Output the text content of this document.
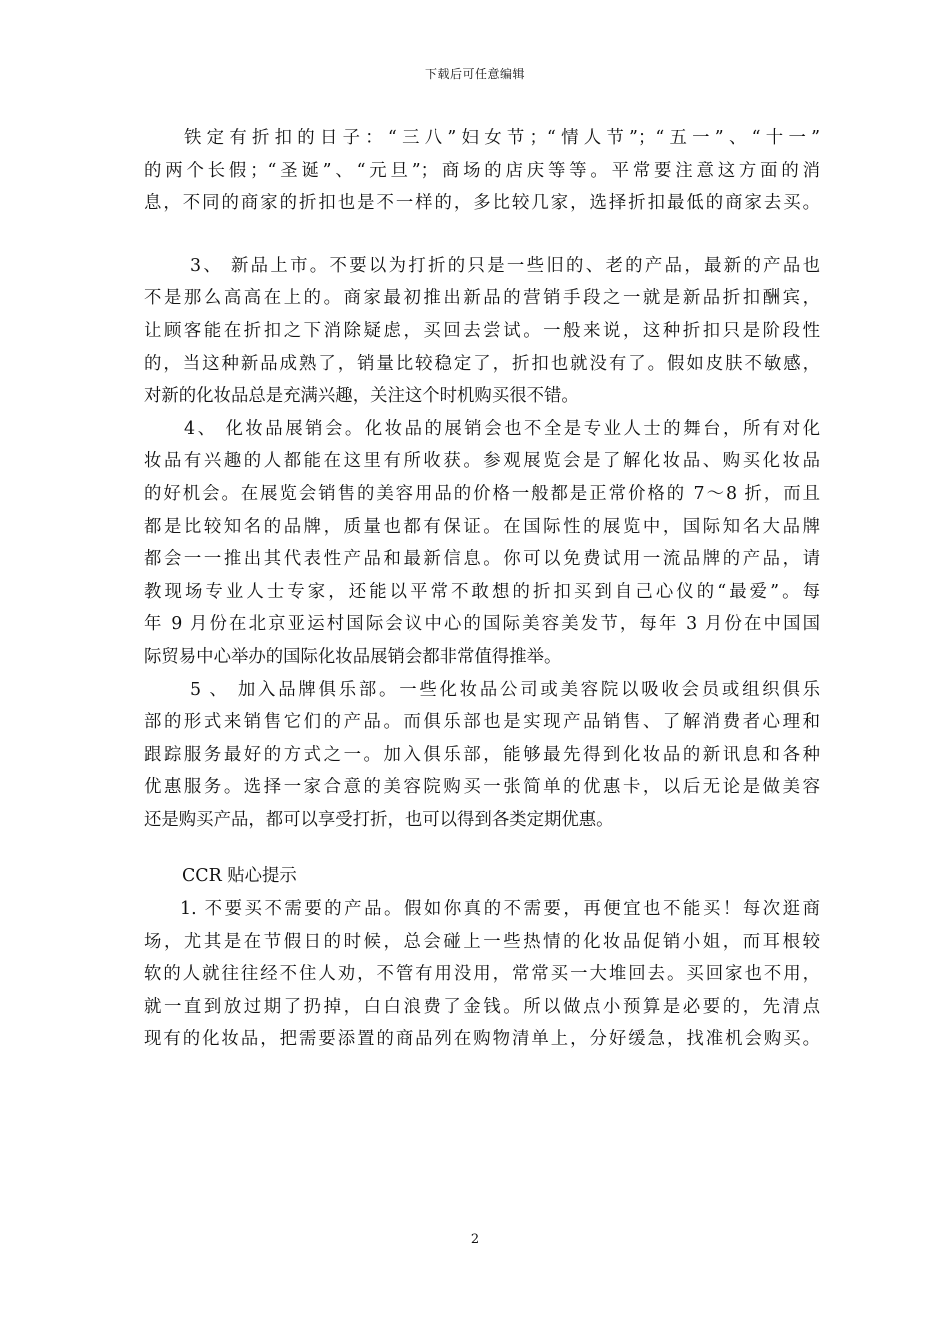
下载后可任意编辑
铁定有折扣的日子：“三八”妇女节；“情人节”；“五一”、“十一”
的两个长假；“圣诞”、“元旦”；商场的店庆等等。平常要注意这方面的消
息，不同的商家的折扣也是不一样的，多比较几家，选择折扣最低的商家去买。
3、 新品上市。不要以为打折的只是一些旧的、老的产品，最新的产品也
不是那么高高在上的。商家最初推出新品的营销手段之一就是新品折扣酬宾，
让顾客能在折扣之下消除疑虑，买回去尝试。一般来说，这种折扣只是阶段性
的，当这种新品成熟了，销量比较稳定了，折扣也就没有了。假如皮肤不敏感，
对新的化妆品总是充满兴趣，关注这个时机购买很不错。
4、 化妆品展销会。化妆品的展销会也不全是专业人士的舞台，所有对化
妆品有兴趣的人都能在这里有所收获。参观展览会是了解化妆品、购买化妆品
的好机会。在展览会销售的美容用品的价格一般都是正常价格的 7～8 折，而且
都是比较知名的品牌，质量也都有保证。在国际性的展览中，国际知名大品牌
都会一一推出其代表性产品和最新信息。你可以免费试用一流品牌的产品，请
教现场专业人士专家，还能以平常不敢想的折扣买到自己心仪的“最爱”。每
年 9 月份在北京亚运村国际会议中心的国际美容美发节，每年 3 月份在中国国
际贸易中心举办的国际化妆品展销会都非常值得推举。
5 、 加入品牌俱乐部。一些化妆品公司或美容院以吸收会员或组织俱乐
部的形式来销售它们的产品。而俱乐部也是实现产品销售、了解消费者心理和
跟踪服务最好的方式之一。加入俱乐部，能够最先得到化妆品的新讯息和各种
优惠服务。选择一家合意的美容院购买一张简单的优惠卡，以后无论是做美容
还是购买产品，都可以享受打折，也可以得到各类定期优惠。
CCR 贴心提示
1. 不要买不需要的产品。假如你真的不需要，再便宜也不能买！每次逛商
场，尤其是在节假日的时候，总会碰上一些热情的化妆品促销小姐，而耳根较
软的人就往往经不住人劝，不管有用没用，常常买一大堆回去。买回家也不用，
就一直到放过期了扔掉，白白浪费了金钱。所以做点小预算是必要的，先清点
现有的化妆品，把需要添置的商品列在购物清单上，分好缓急，找准机会购买。
2
